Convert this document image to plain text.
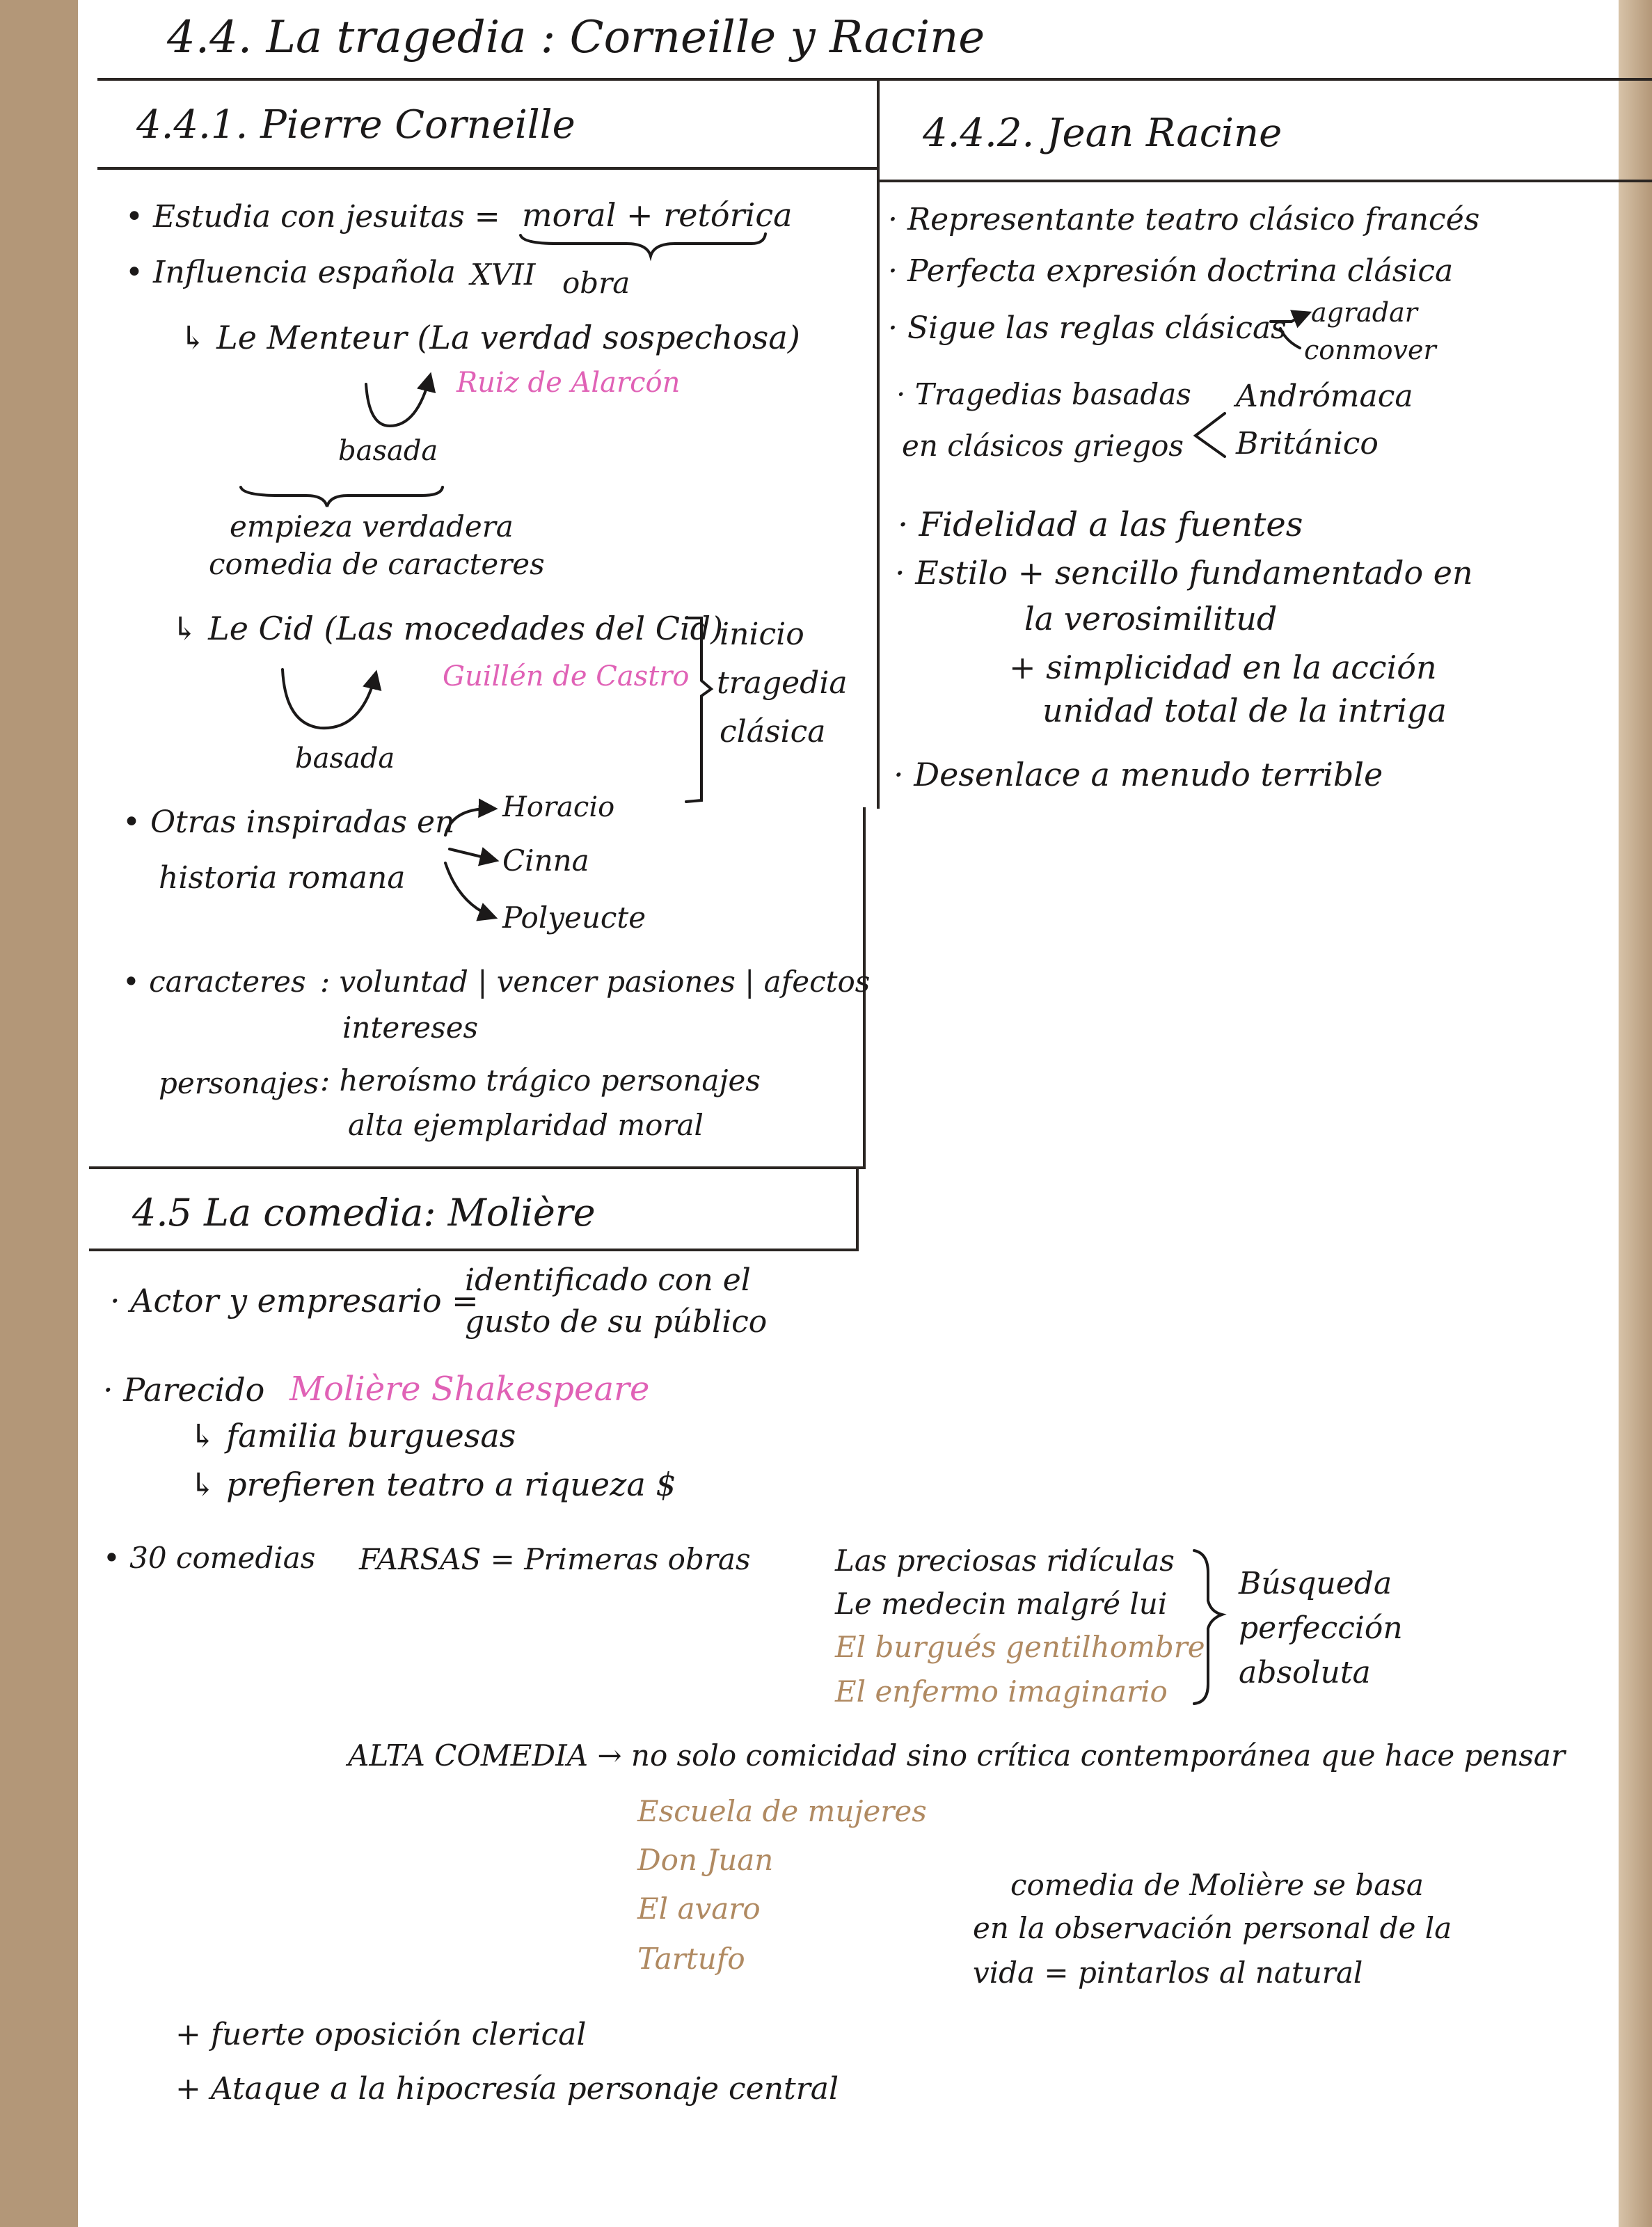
4.4. La tragedia : Corneille y Racine
4.4.1. Pierre Corneille
• Estudia con jesuitas = moral + retórica
• Influencia española XVII obra
↳ Le Menteur (La verdad sospechosa)
Ruiz de Alarcón
basada
empieza verdadera
comedia de caracteres
↳ Le Cid (Las mocedades del Cid)
Guillén de Castro
basada
inicio
tragedia
clásica
• Otras inspiradas en
historia romana
Horacio
Cinna
Polyeucte
• caracteres : voluntad | vencer pasiones | afectos
intereses
personajes : heroísmo trágico personajes
alta ejemplaridad moral
4.4.2. Jean Racine
· Representante teatro clásico francés
· Perfecta expresión doctrina clásica
· Sigue las reglas clásicas agradar
conmover
· Tragedias basadas
en clásicos griegos
Andrómaca
Británico
· Fidelidad a las fuentes
· Estilo + sencillo fundamentado en
la verosimilitud
+ simplicidad en la acción
unidad total de la intriga
· Desenlace a menudo terrible
4.5 La comedia: Molière
· Actor y empresario =
identificado con el
gusto de su público
· Parecido Molière Shakespeare
↳ familia burguesas
↳ prefieren teatro a riqueza $
• 30 comedias FARSAS = Primeras obras	Las preciosas ridículas
Le medecin malgré lui
El burgués gentilhombre
El enfermo imaginario
Búsqueda
perfección
absoluta
ALTA COMEDIA → no solo comicidad sino crítica contemporánea que hace pensar
Escuela de mujeres
Don Juan
El avaro
Tartufo
comedia de Molière se basa
en la observación personal de la
vida = pintarlos al natural
+ fuerte oposición clerical
+ Ataque a la hipocresía personaje central
